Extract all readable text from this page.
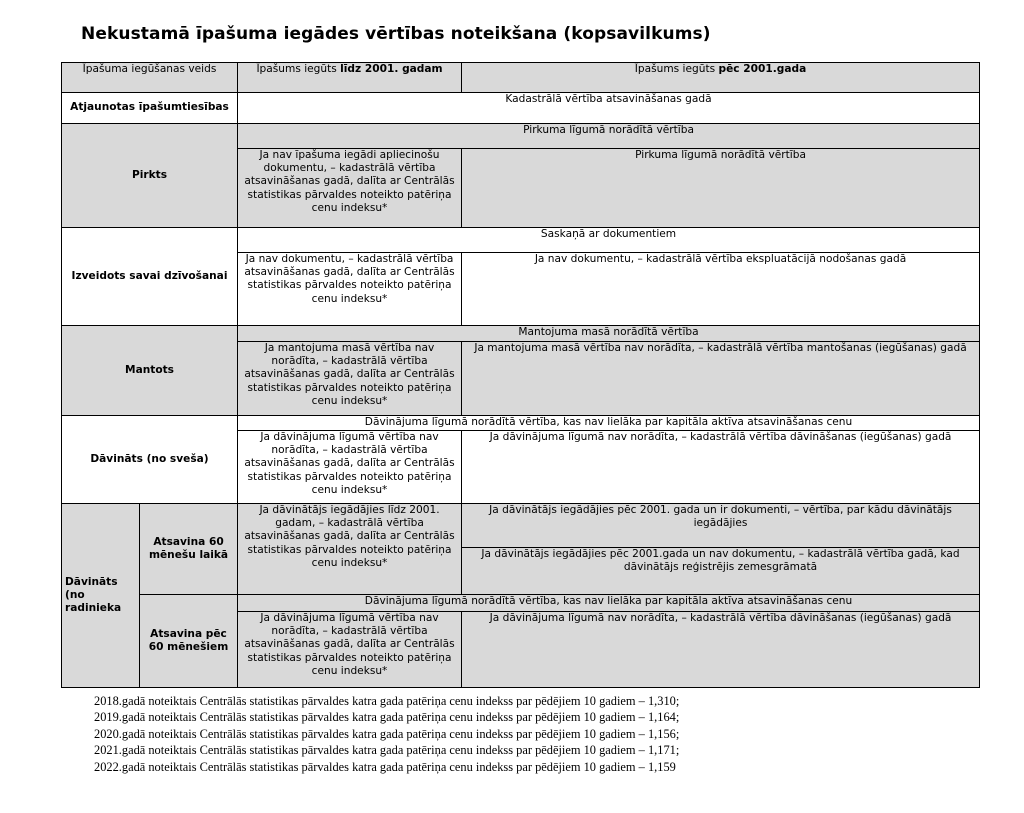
Nekustamā īpašuma iegādes vērtības noteikšana (kopsavilkums)
Īpašuma iegūšanas veids		Īpašums iegūts līdz 2001. gadam	Īpašums iegūts pēc 2001.gada
Atjaunotas īpašumtiesības		Kadastrālā vērtība atsavināšanas gadā	
Pirkts		Pirkuma līgumā norādītā vērtība	
		Ja nav īpašuma iegādi apliecinošu dokumentu, – kadastrālā vērtība atsavināšanas gadā, dalīta ar Centrālās statistikas pārvaldes noteikto patēriņa cenu indeksu*	Pirkuma līgumā norādītā vērtība
Izveidots savai dzīvošanai		Saskaņā ar dokumentiem	
		Ja nav dokumentu, – kadastrālā vērtība atsavināšanas gadā, dalīta ar Centrālās statistikas pārvaldes noteikto patēriņa cenu indeksu*	Ja nav dokumentu, – kadastrālā vērtība ekspluatācijā nodošanas gadā
Mantots		Mantojuma masā norādītā vērtība	
		Ja mantojuma masā vērtība nav norādīta, – kadastrālā vērtība atsavināšanas gadā, dalīta ar Centrālās statistikas pārvaldes noteikto patēriņa cenu indeksu*	Ja mantojuma masā vērtība nav norādīta, – kadastrālā vērtība mantošanas (iegūšanas) gadā
Dāvināts (no sveša)		Dāvinājuma līgumā norādītā vērtība, kas nav lielāka par kapitāla aktīva atsavināšanas cenu	
		Ja dāvinājuma līgumā vērtība nav norādīta, – kadastrālā vērtība atsavināšanas gadā, dalīta ar Centrālās statistikas pārvaldes noteikto patēriņa cenu indeksu*	Ja dāvinājuma līgumā nav norādīta, – kadastrālā vērtība dāvināšanas (iegūšanas) gadā
Dāvināts (no radinieka	Atsavina 60 mēnešu laikā	Ja dāvinātājs iegādājies līdz 2001. gadam, – kadastrālā vērtība atsavināšanas gadā, dalīta ar Centrālās statistikas pārvaldes noteikto patēriņa cenu indeksu*	Ja dāvinātājs iegādājies pēc 2001. gada un ir dokumenti, – vērtība, par kādu dāvinātājs iegādājies
			Ja dāvinātājs iegādājies pēc 2001.gada un nav dokumentu, – kadastrālā vērtība gadā, kad dāvinātājs reģistrējis zemesgrāmatā
	Atsavina pēc 60 mēnešiem	Dāvinājuma līgumā norādītā vērtība, kas nav lielāka par kapitāla aktīva atsavināšanas cenu	
		Ja dāvinājuma līgumā vērtība nav norādīta, – kadastrālā vērtība atsavināšanas gadā, dalīta ar Centrālās statistikas pārvaldes noteikto patēriņa cenu indeksu*	Ja dāvinājuma līgumā nav norādīta, – kadastrālā vērtība dāvināšanas (iegūšanas) gadā
2018.gadā noteiktais Centrālās statistikas pārvaldes katra gada patēriņa cenu indekss par pēdējiem 10 gadiem – 1,310;
2019.gadā noteiktais Centrālās statistikas pārvaldes katra gada patēriņa cenu indekss par pēdējiem 10 gadiem – 1,164;
2020.gadā noteiktais Centrālās statistikas pārvaldes katra gada patēriņa cenu indekss par pēdējiem 10 gadiem – 1,156;
2021.gadā noteiktais Centrālās statistikas pārvaldes katra gada patēriņa cenu indekss par pēdējiem 10 gadiem – 1,171;
2022.gadā noteiktais Centrālās statistikas pārvaldes katra gada patēriņa cenu indekss par pēdējiem 10 gadiem – 1,159
